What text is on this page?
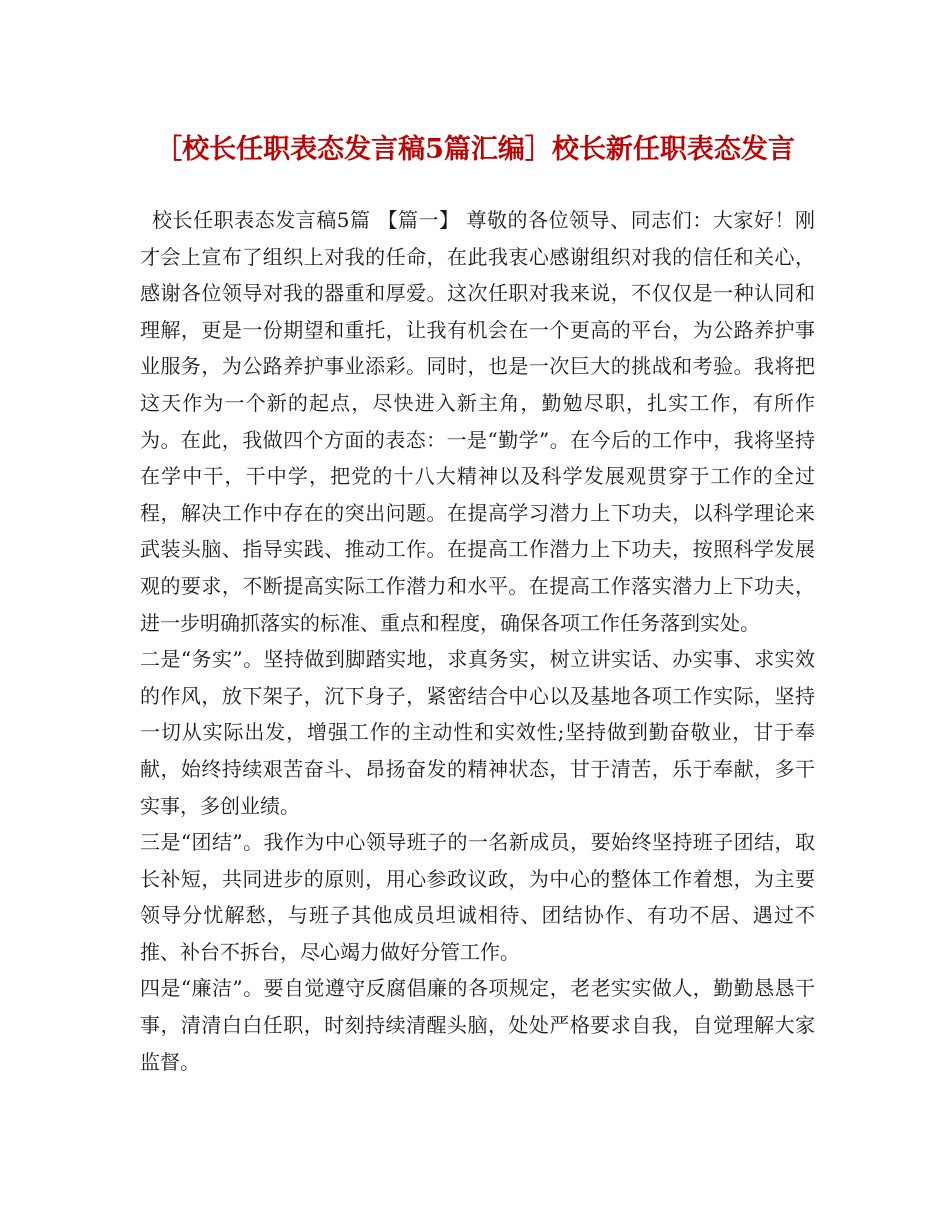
［校长任职表态发言稿5篇汇编］校长新任职表态发言

校长任职表态发言稿5篇 【篇一】 尊敬的各位领导、同志们：大家好！刚才会上宣布了组织上对我的任命，在此我衷心感谢组织对我的信任和关心，感谢各位领导对我的器重和厚爱。这次任职对我来说，不仅仅是一种认同和理解，更是一份期望和重托，让我有机会在一个更高的平台，为公路养护事业服务，为公路养护事业添彩。同时，也是一次巨大的挑战和考验。我将把这天作为一个新的起点，尽快进入新主角，勤勉尽职，扎实工作，有所作为。在此，我做四个方面的表态：一是“勤学”。在今后的工作中，我将坚持在学中干，干中学，把党的十八大精神以及科学发展观贯穿于工作的全过程，解决工作中存在的突出问题。在提高学习潜力上下功夫，以科学理论来武装头脑、指导实践、推动工作。在提高工作潜力上下功夫，按照科学发展观的要求，不断提高实际工作潜力和水平。在提高工作落实潜力上下功夫，进一步明确抓落实的标准、重点和程度，确保各项工作任务落到实处。

二是“务实”。坚持做到脚踏实地，求真务实，树立讲实话、办实事、求实效的作风，放下架子，沉下身子，紧密结合中心以及基地各项工作实际，坚持一切从实际出发，增强工作的主动性和实效性;坚持做到勤奋敬业，甘于奉献，始终持续艰苦奋斗、昂扬奋发的精神状态，甘于清苦，乐于奉献，多干实事，多创业绩。

三是“团结”。我作为中心领导班子的一名新成员，要始终坚持班子团结，取长补短，共同进步的原则，用心参政议政，为中心的整体工作着想，为主要领导分忧解愁，与班子其他成员坦诚相待、团结协作、有功不居、遇过不推、补台不拆台，尽心竭力做好分管工作。

四是“廉洁”。要自觉遵守反腐倡廉的各项规定，老老实实做人，勤勤恳恳干事，清清白白任职，时刻持续清醒头脑，处处严格要求自我，自觉理解大家监督。
